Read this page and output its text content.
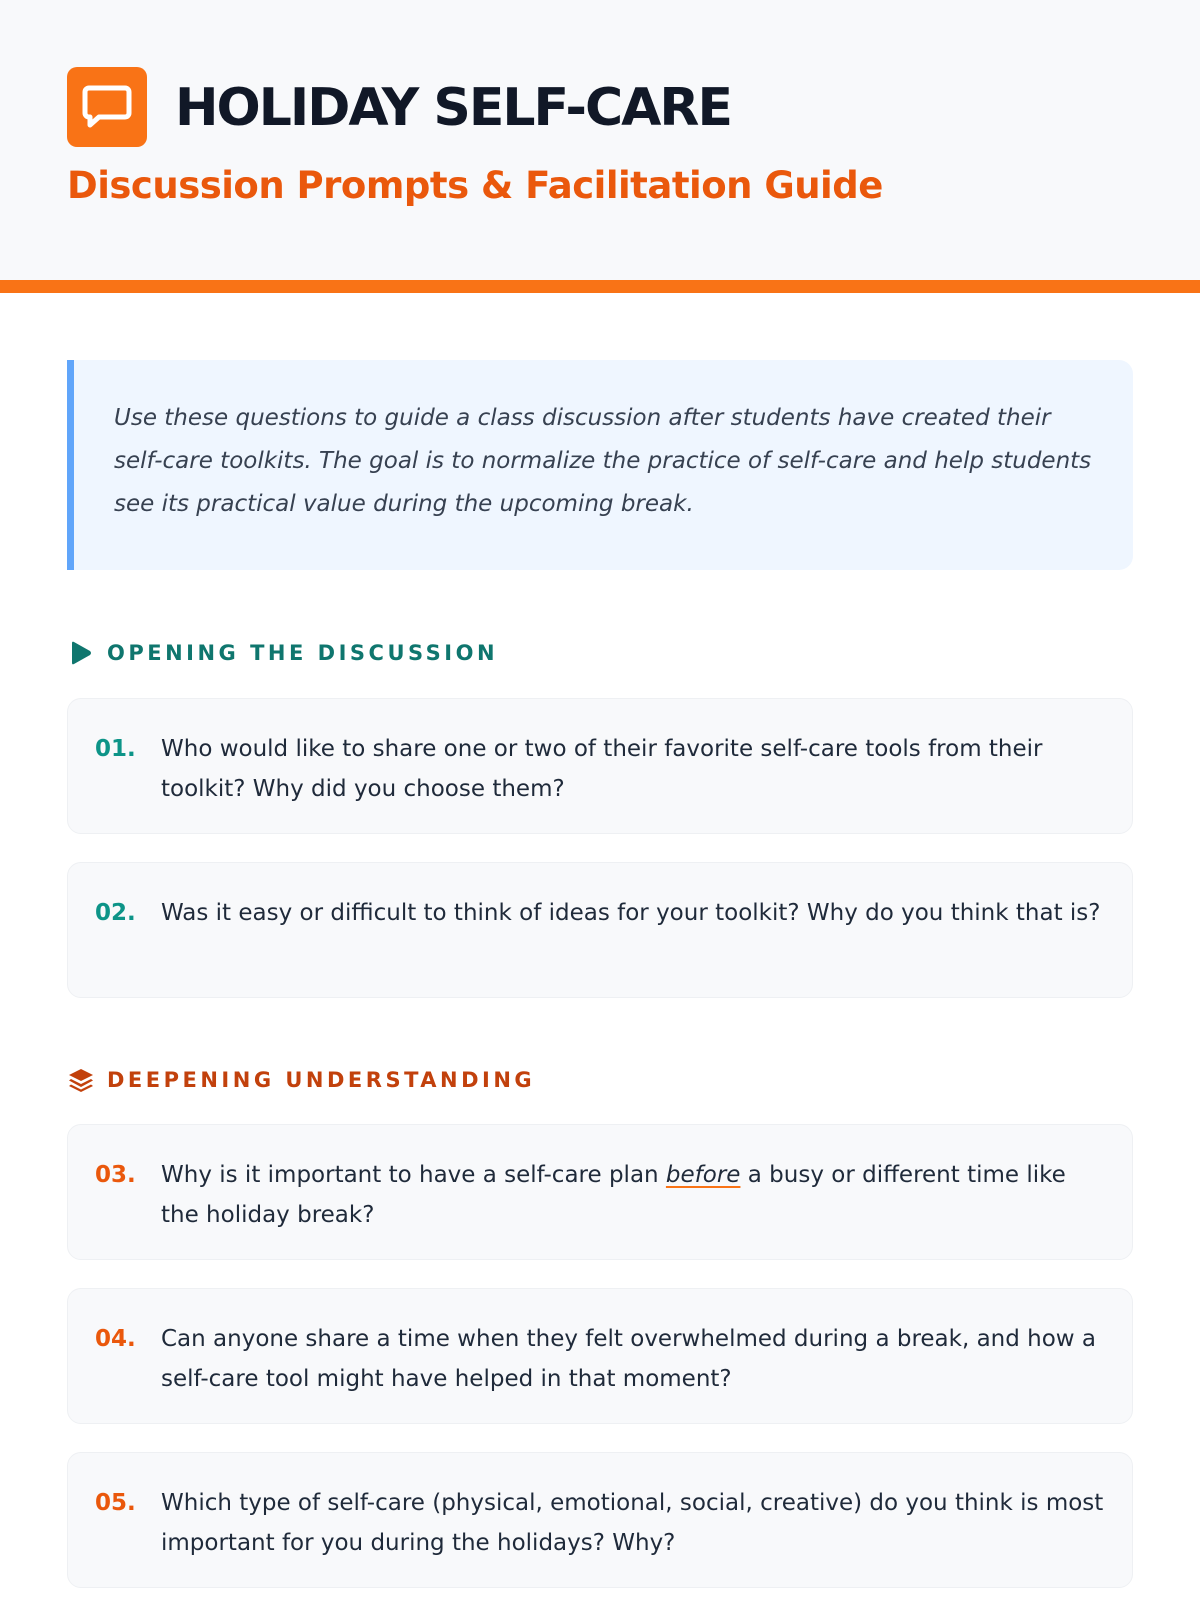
HOLIDAY SELF-CARE
Discussion Prompts & Facilitation Guide

Use these questions to guide a class discussion after students have created their self-care toolkits. The goal is to normalize the practice of self-care and help students see its practical value during the upcoming break.

OPENING THE DISCUSSION
01. Who would like to share one or two of their favorite self-care tools from their toolkit? Why did you choose them?
02. Was it easy or difficult to think of ideas for your toolkit? Why do you think that is?
DEEPENING UNDERSTANDING
03. Why is it important to have a self-care plan before a busy or different time like the holiday break?
04. Can anyone share a time when they felt overwhelmed during a break, and how a self-care tool might have helped in that moment?
05. Which type of self-care (physical, emotional, social, creative) do you think is most important for you during the holidays? Why?
